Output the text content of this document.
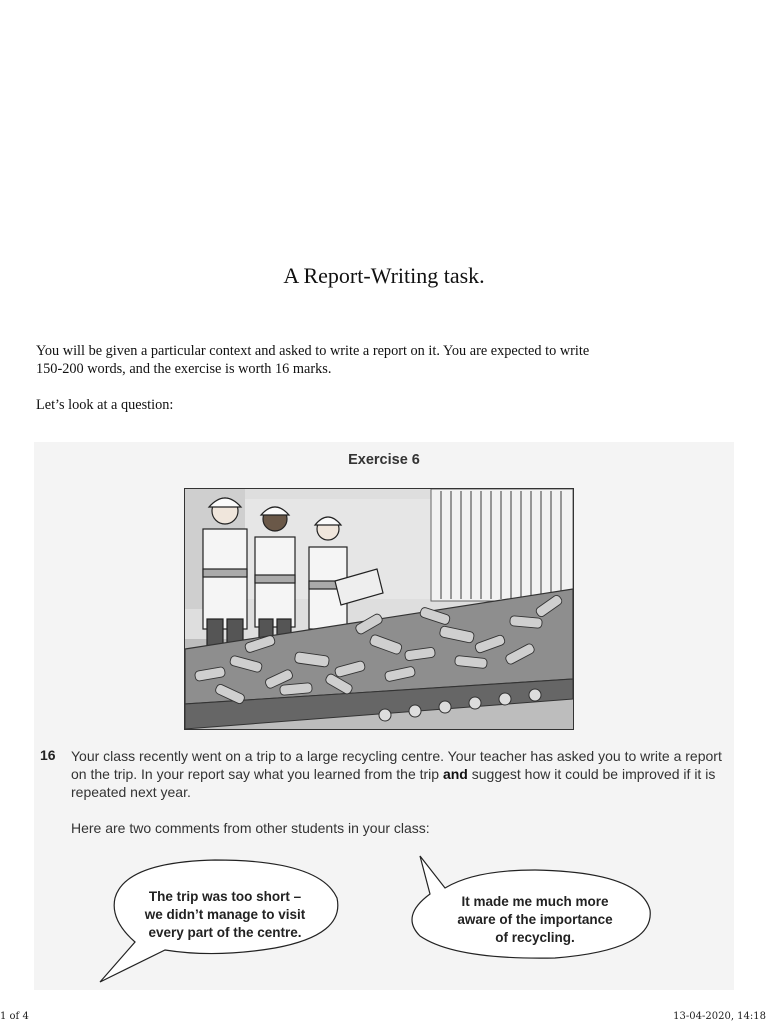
A Report-Writing task.

You will be given a particular context and asked to write a report on it. You are expected to write

150-200 words, and the exercise is worth 16 marks.

Let’s look at a question:
Exercise 6
16 Your class recently went on a trip to a large recycling centre. Your teacher has asked you to write a report on the trip. In your report say what you learned from the trip and suggest how it could be improved if it is repeated next year.
Here are two comments from other students in your class:
The trip was too short –
we didn’t manage to visit
every part of the centre.
It made me much more
aware of the importance
of recycling.
1 of 4	13-04-2020, 14:18
